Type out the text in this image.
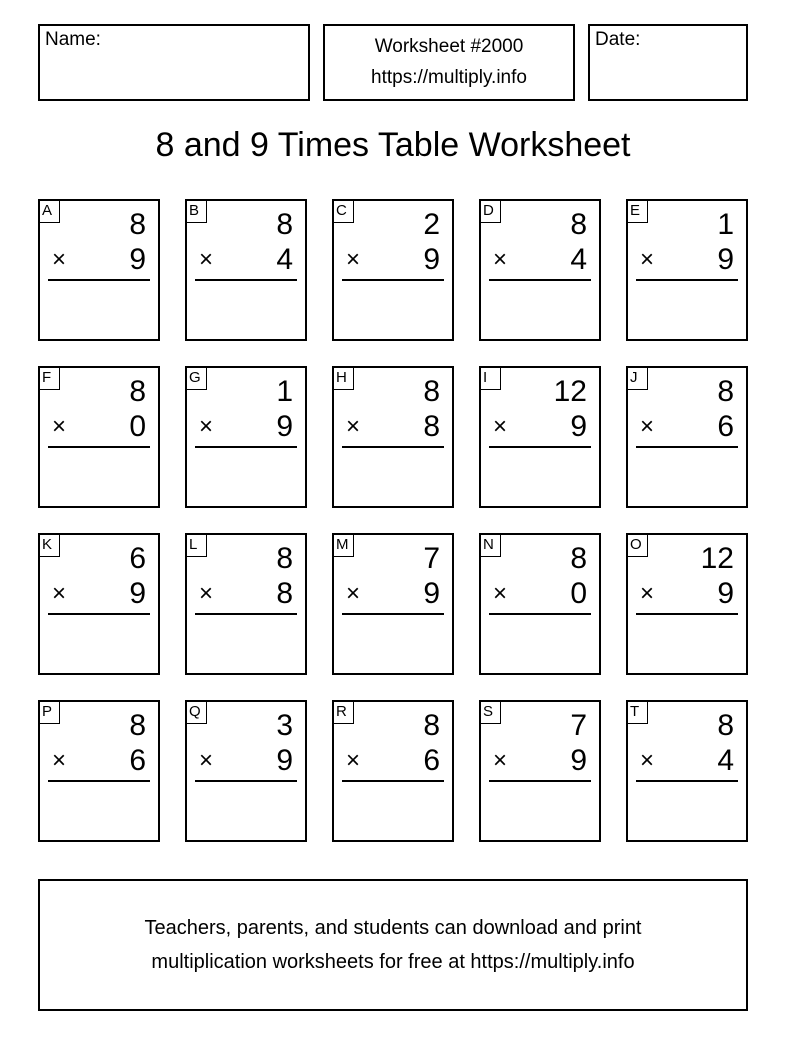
Name:	Worksheet #2000
https://multiply.info
Date:
8 and 9 Times Table Worksheet
A	8
× 9
B	8
× 4
C	2
× 9
D	8
× 4
E	1
× 9
F	8
× 0
G	1
× 9
H	8
× 8
I	12
× 9
J	8
× 6
K	6
× 9
L	8
× 8
M 7
× 9
N	8
× 0
O 12
× 9
P	8
× 6
Q	3
× 9
R	8
× 6
S	7
× 9
T	8
× 4
Teachers, parents, and students can download and print
multiplication worksheets for free at https://multiply.info
